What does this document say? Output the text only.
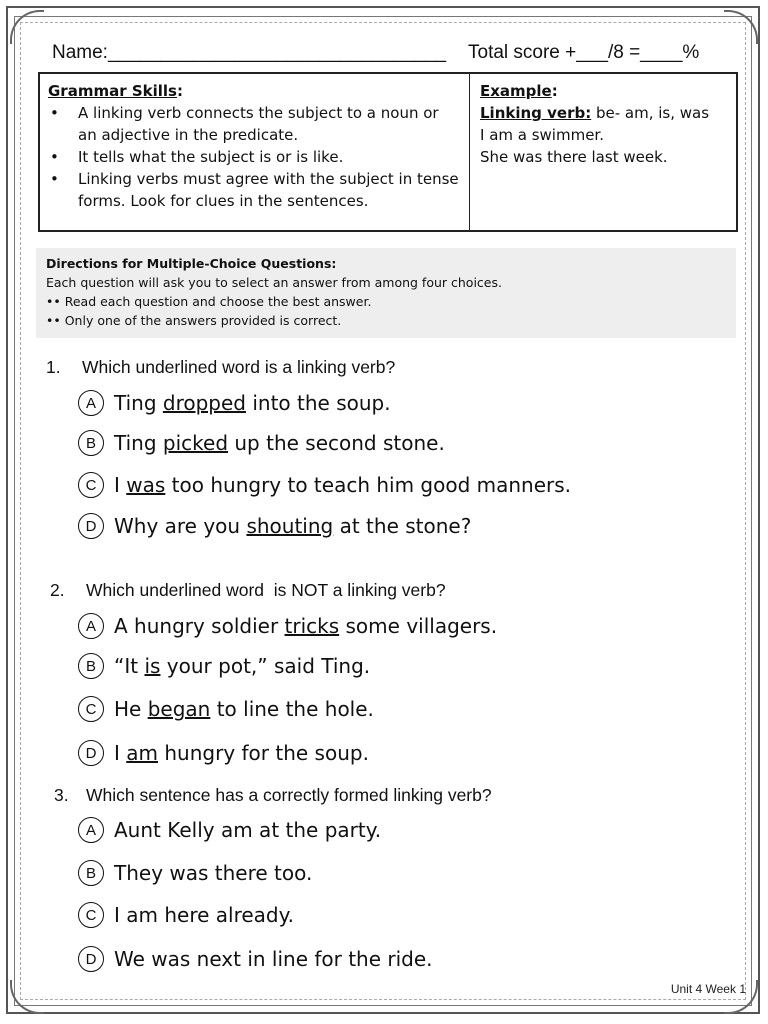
Name:________________________________ Total score +___/8 =____%
Grammar Skills:
• A linking verb connects the subject to a noun or an adjective in the predicate.
• It tells what the subject is or is like.
• Linking verbs must agree with the subject in tense forms. Look for clues in the sentences.
Example:
Linking verb: be- am, is, was
I am a swimmer.
She was there last week.
Directions for Multiple-Choice Questions:
Each question will ask you to select an answer from among four choices.
•• Read each question and choose the best answer.
•• Only one of the answers provided is correct.
1. Which underlined word is a linking verb?
A Ting dropped into the soup.
B Ting picked up the second stone.
C I was too hungry to teach him good manners.
D Why are you shouting at the stone?
2. Which underlined word  is NOT a linking verb?
A A hungry soldier tricks some villagers.
B “It is your pot,” said Ting.
C He began to line the hole.
D I am hungry for the soup.
3. Which sentence has a correctly formed linking verb?
A Aunt Kelly am at the party.
B They was there too.
C I am here already.
D We was next in line for the ride.
Unit 4 Week 1
